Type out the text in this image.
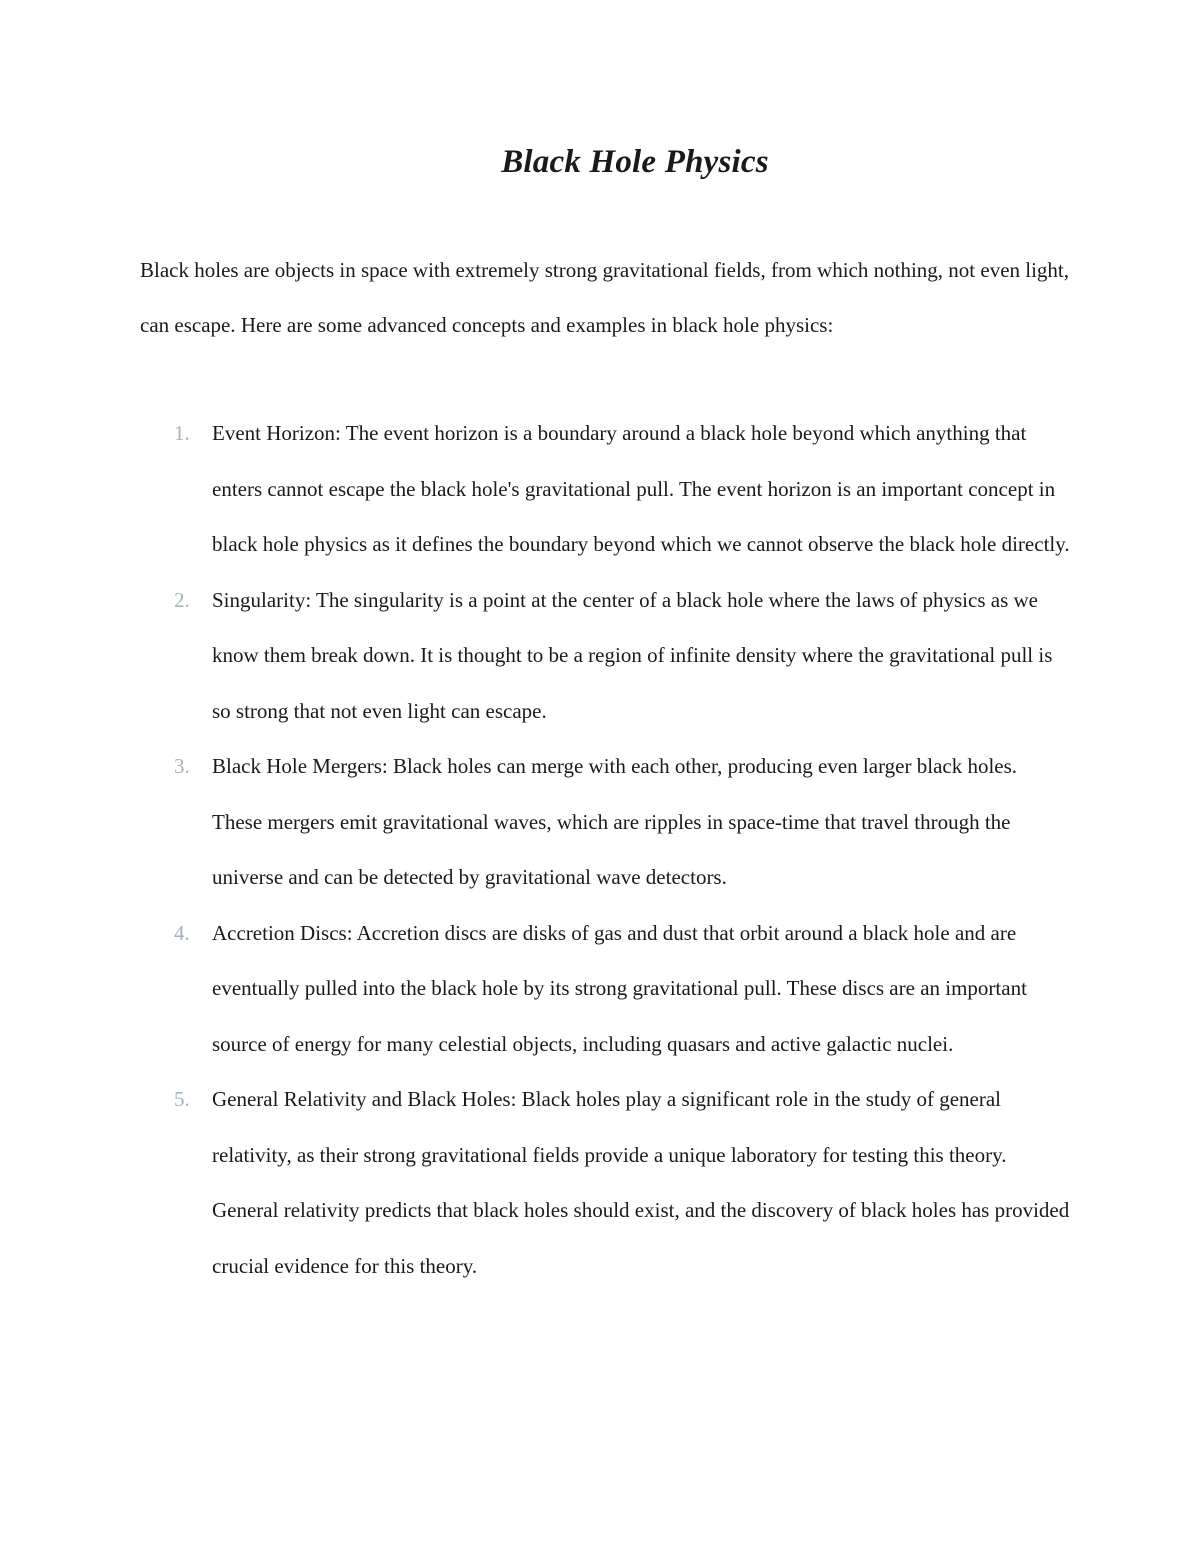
Black Hole Physics

Black holes are objects in space with extremely strong gravitational fields, from which nothing, not even light, can escape. Here are some advanced concepts and examples in black hole physics:

1. Event Horizon: The event horizon is a boundary around a black hole beyond which anything that enters cannot escape the black hole's gravitational pull. The event horizon is an important concept in black hole physics as it defines the boundary beyond which we cannot observe the black hole directly.
2. Singularity: The singularity is a point at the center of a black hole where the laws of physics as we know them break down. It is thought to be a region of infinite density where the gravitational pull is so strong that not even light can escape.
3. Black Hole Mergers: Black holes can merge with each other, producing even larger black holes. These mergers emit gravitational waves, which are ripples in space-time that travel through the universe and can be detected by gravitational wave detectors.
4. Accretion Discs: Accretion discs are disks of gas and dust that orbit around a black hole and are eventually pulled into the black hole by its strong gravitational pull. These discs are an important source of energy for many celestial objects, including quasars and active galactic nuclei.
5. General Relativity and Black Holes: Black holes play a significant role in the study of general relativity, as their strong gravitational fields provide a unique laboratory for testing this theory. General relativity predicts that black holes should exist, and the discovery of black holes has provided crucial evidence for this theory.
